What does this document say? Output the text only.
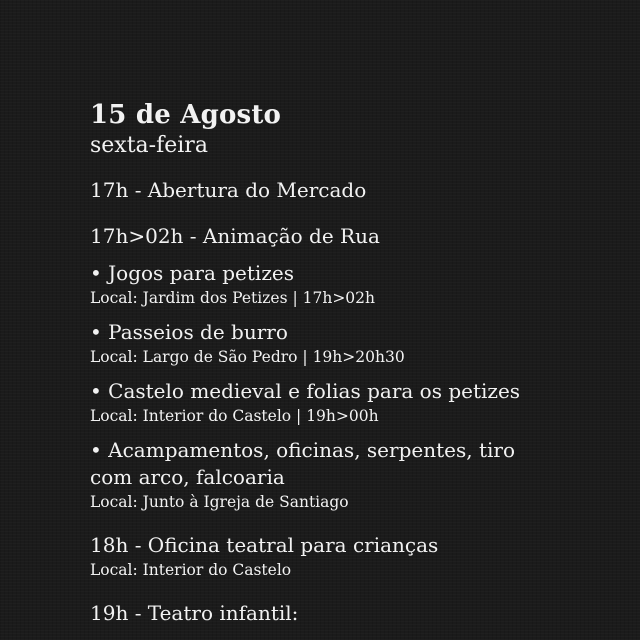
15 de Agosto
sexta-feira
17h - Abertura do Mercado
17h>02h - Animação de Rua
• Jogos para petizes
Local: Jardim dos Petizes | 17h>02h
• Passeios de burro
Local: Largo de São Pedro | 19h>20h30
• Castelo medieval e folias para os petizes
Local: Interior do Castelo | 19h>00h
• Acampamentos, oficinas, serpentes, tiro
com arco, falcoaria
Local: Junto à Igreja de Santiago
18h - Oficina teatral para crianças
Local: Interior do Castelo
19h - Teatro infantil:
